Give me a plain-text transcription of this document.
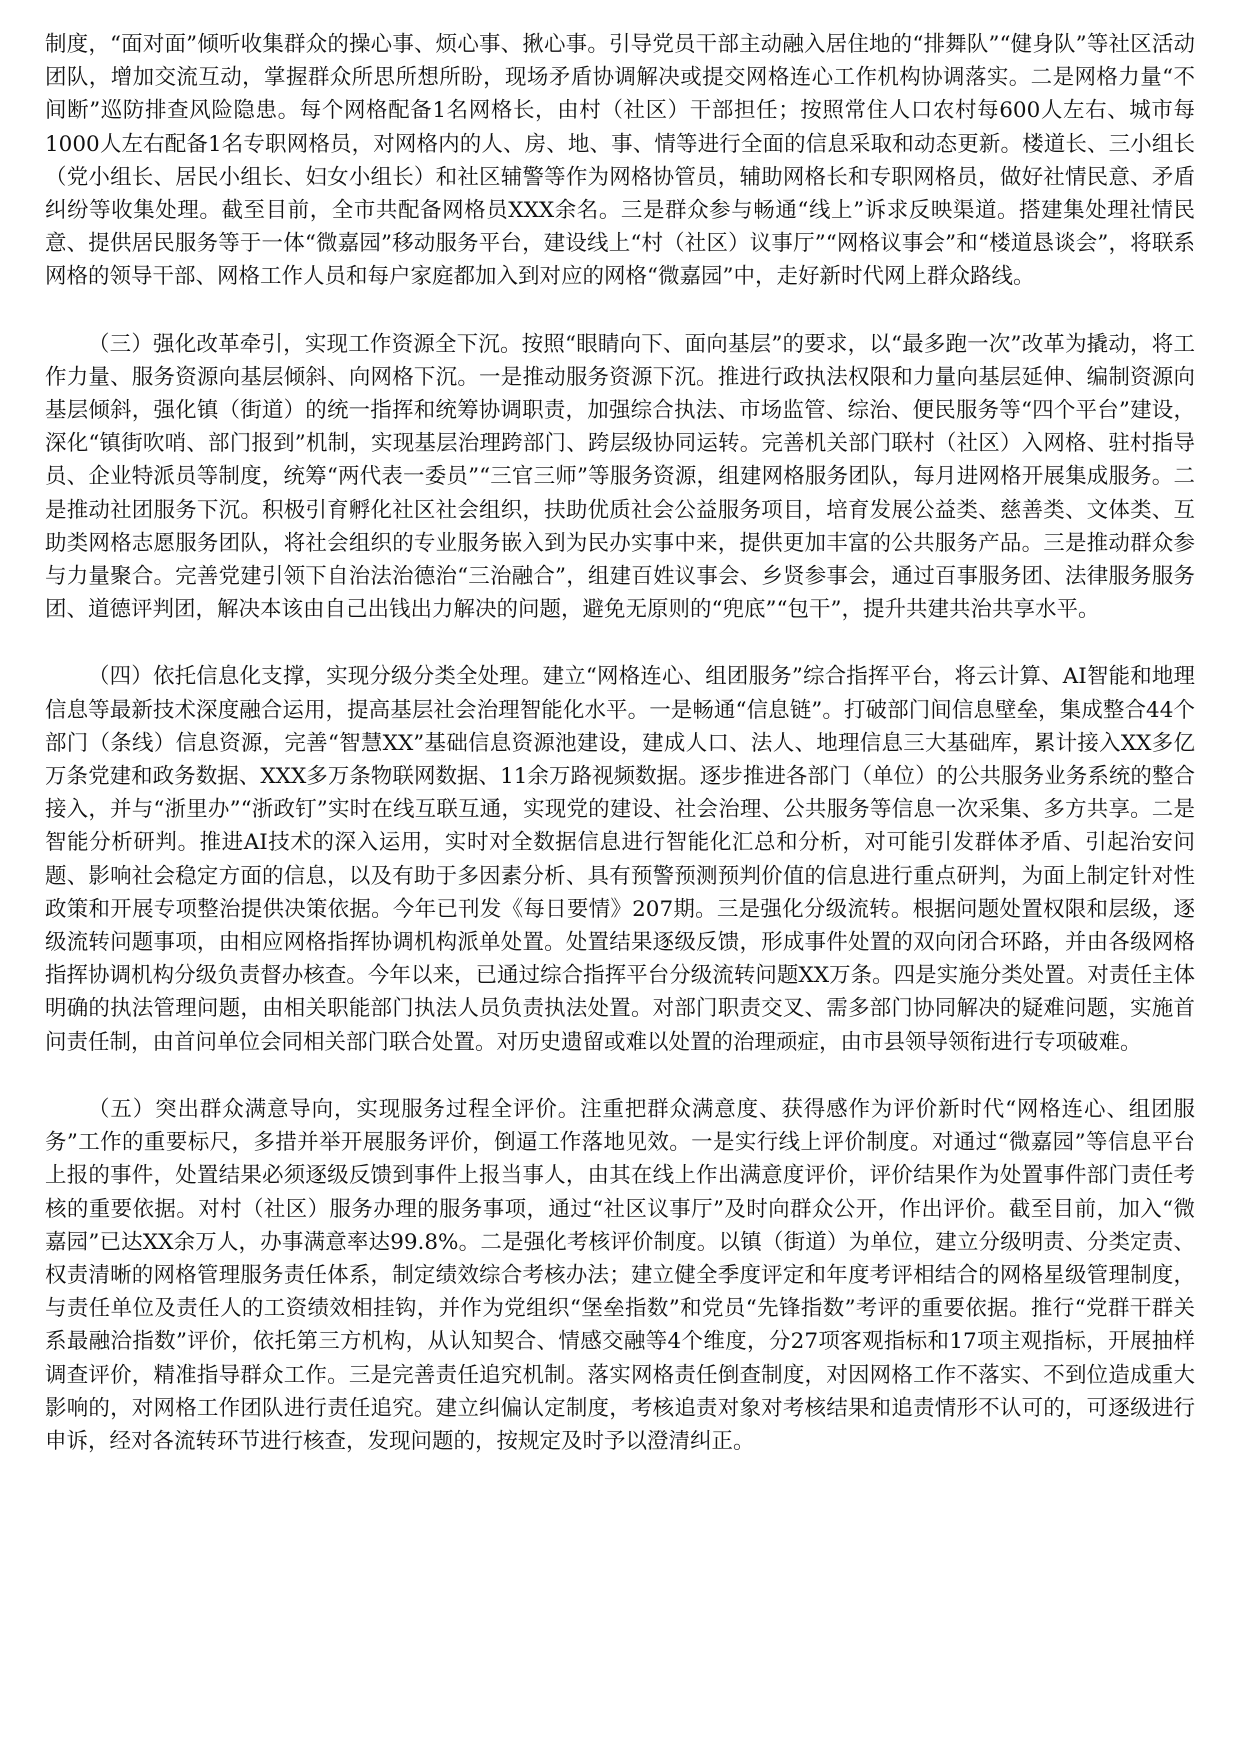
制度，“面对面”倾听收集群众的操心事、烦心事、揪心事。引导党员干部主动融入居住地的“排舞队”“健身队”等社区活动团队，增加交流互动，掌握群众所思所想所盼，现场矛盾协调解决或提交网格连心工作机构协调落实。二是网格力量“不间断”巡防排查风险隐患。每个网格配备1名网格长，由村（社区）干部担任；按照常住人口农村每600人左右、城市每1000人左右配备1名专职网格员，对网格内的人、房、地、事、情等进行全面的信息采取和动态更新。楼道长、三小组长（党小组长、居民小组长、妇女小组长）和社区辅警等作为网格协管员，辅助网格长和专职网格员，做好社情民意、矛盾纠纷等收集处理。截至目前，全市共配备网格员XXX余名。三是群众参与畅通“线上”诉求反映渠道。搭建集处理社情民意、提供居民服务等于一体“微嘉园”移动服务平台，建设线上“村（社区）议事厅”“网格议事会”和“楼道恳谈会”，将联系网格的领导干部、网格工作人员和每户家庭都加入到对应的网格“微嘉园”中，走好新时代网上群众路线。

（三）强化改革牵引，实现工作资源全下沉。按照“眼睛向下、面向基层”的要求，以“最多跑一次”改革为撬动，将工作力量、服务资源向基层倾斜、向网格下沉。一是推动服务资源下沉。推进行政执法权限和力量向基层延伸、编制资源向基层倾斜，强化镇（街道）的统一指挥和统筹协调职责，加强综合执法、市场监管、综治、便民服务等“四个平台”建设，深化“镇街吹哨、部门报到”机制，实现基层治理跨部门、跨层级协同运转。完善机关部门联村（社区）入网格、驻村指导员、企业特派员等制度，统筹“两代表一委员”“三官三师”等服务资源，组建网格服务团队，每月进网格开展集成服务。二是推动社团服务下沉。积极引育孵化社区社会组织，扶助优质社会公益服务项目，培育发展公益类、慈善类、文体类、互助类网格志愿服务团队，将社会组织的专业服务嵌入到为民办实事中来，提供更加丰富的公共服务产品。三是推动群众参与力量聚合。完善党建引领下自治法治德治“三治融合”，组建百姓议事会、乡贤参事会，通过百事服务团、法律服务服务团、道德评判团，解决本该由自己出钱出力解决的问题，避免无原则的“兜底”“包干”，提升共建共治共享水平。

（四）依托信息化支撑，实现分级分类全处理。建立“网格连心、组团服务”综合指挥平台，将云计算、AI智能和地理信息等最新技术深度融合运用，提高基层社会治理智能化水平。一是畅通“信息链”。打破部门间信息壁垒，集成整合44个部门（条线）信息资源，完善“智慧XX”基础信息资源池建设，建成人口、法人、地理信息三大基础库，累计接入XX多亿万条党建和政务数据、XXX多万条物联网数据、11余万路视频数据。逐步推进各部门（单位）的公共服务业务系统的整合接入，并与“浙里办”“浙政钉”实时在线互联互通，实现党的建设、社会治理、公共服务等信息一次采集、多方共享。二是智能分析研判。推进AI技术的深入运用，实时对全数据信息进行智能化汇总和分析，对可能引发群体矛盾、引起治安问题、影响社会稳定方面的信息，以及有助于多因素分析、具有预警预测预判价值的信息进行重点研判，为面上制定针对性政策和开展专项整治提供决策依据。今年已刊发《每日要情》207期。三是强化分级流转。根据问题处置权限和层级，逐级流转问题事项，由相应网格指挥协调机构派单处置。处置结果逐级反馈，形成事件处置的双向闭合环路，并由各级网格指挥协调机构分级负责督办核查。今年以来，已通过综合指挥平台分级流转问题XX万条。四是实施分类处置。对责任主体明确的执法管理问题，由相关职能部门执法人员负责执法处置。对部门职责交叉、需多部门协同解决的疑难问题，实施首问责任制，由首问单位会同相关部门联合处置。对历史遗留或难以处置的治理顽症，由市县领导领衔进行专项破难。

（五）突出群众满意导向，实现服务过程全评价。注重把群众满意度、获得感作为评价新时代“网格连心、组团服务”工作的重要标尺，多措并举开展服务评价，倒逼工作落地见效。一是实行线上评价制度。对通过“微嘉园”等信息平台上报的事件，处置结果必须逐级反馈到事件上报当事人，由其在线上作出满意度评价，评价结果作为处置事件部门责任考核的重要依据。对村（社区）服务办理的服务事项，通过“社区议事厅”及时向群众公开，作出评价。截至目前，加入“微嘉园”已达XX余万人，办事满意率达99.8%。二是强化考核评价制度。以镇（街道）为单位，建立分级明责、分类定责、权责清晰的网格管理服务责任体系，制定绩效综合考核办法；建立健全季度评定和年度考评相结合的网格星级管理制度，与责任单位及责任人的工资绩效相挂钩，并作为党组织“堡垒指数”和党员“先锋指数”考评的重要依据。推行“党群干群关系最融洽指数”评价，依托第三方机构，从认知契合、情感交融等4个维度，分27项客观指标和17项主观指标，开展抽样调查评价，精准指导群众工作。三是完善责任追究机制。落实网格责任倒查制度，对因网格工作不落实、不到位造成重大影响的，对网格工作团队进行责任追究。建立纠偏认定制度，考核追责对象对考核结果和追责情形不认可的，可逐级进行申诉，经对各流转环节进行核查，发现问题的，按规定及时予以澄清纠正。
